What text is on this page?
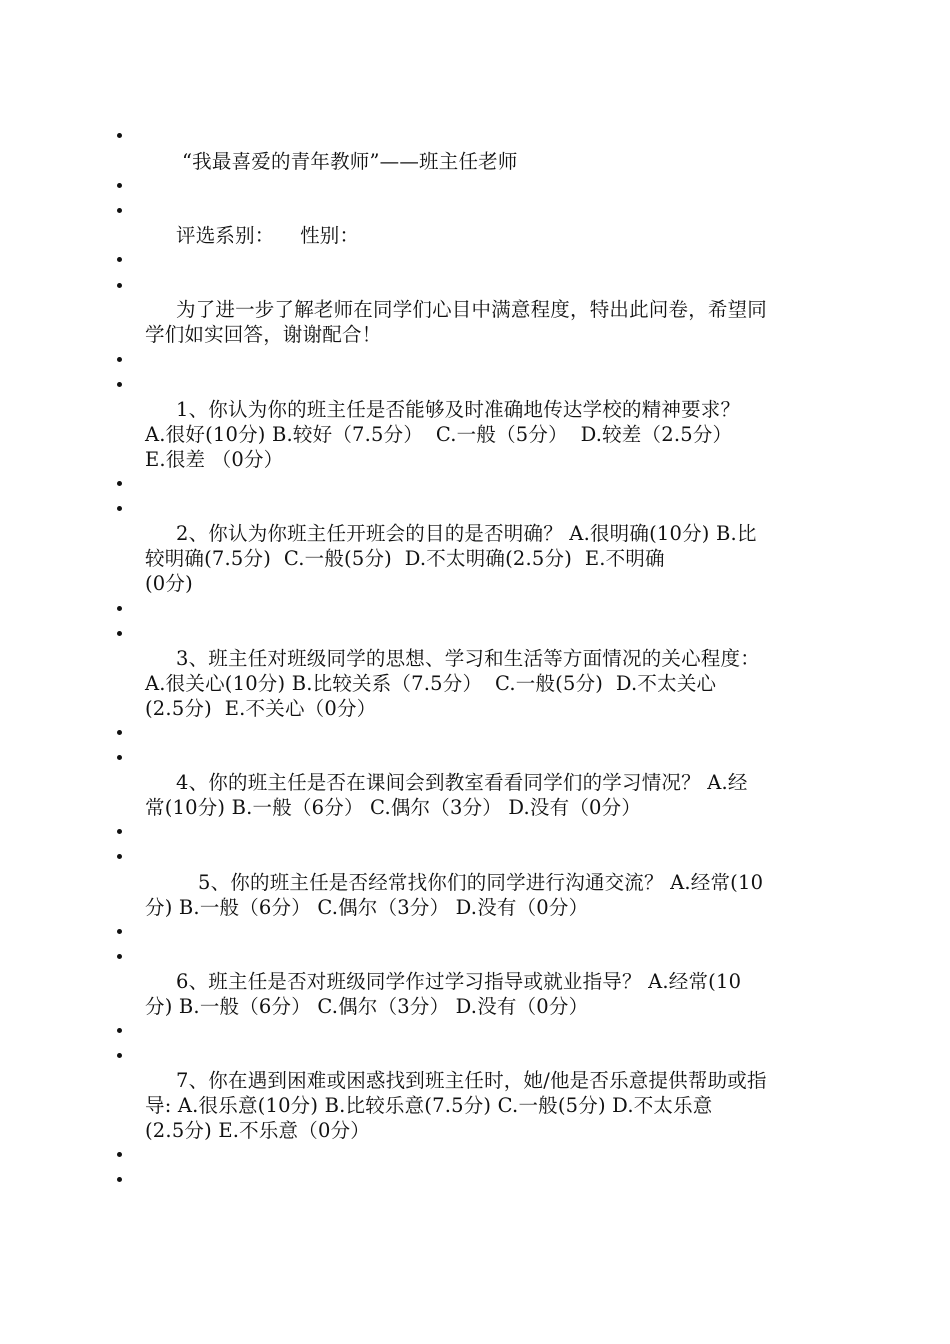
“我最喜爱的青年教师”——班主任老师
评选系别：    性别：
为了进一步了解老师在同学们心目中满意程度，特出此问卷，希望同
学们如实回答，谢谢配合！
1、你认为你的班主任是否能够及时准确地传达学校的精神要求？
A.很好(10分) B.较好（7.5分）  C.一般（5分）  D.较差（2.5分）
E.很差 （0分）
2、你认为你班主任开班会的目的是否明确？ A.很明确(10分) B.比
较明确(7.5分)  C.一般(5分)  D.不太明确(2.5分)  E.不明确
(0分)
3、班主任对班级同学的思想、学习和生活等方面情况的关心程度：
A.很关心(10分) B.比较关系（7.5分）  C.一般(5分)  D.不太关心
(2.5分)  E.不关心（0分）
4、你的班主任是否在课间会到教室看看同学们的学习情况？ A.经
常(10分) B.一般（6分） C.偶尔（3分） D.没有（0分）
5、你的班主任是否经常找你们的同学进行沟通交流？ A.经常(10
分) B.一般（6分） C.偶尔（3分） D.没有（0分）
6、班主任是否对班级同学作过学习指导或就业指导？ A.经常(10
分) B.一般（6分） C.偶尔（3分） D.没有（0分）
7、你在遇到困难或困惑找到班主任时，她/他是否乐意提供帮助或指
导: A.很乐意(10分) B.比较乐意(7.5分) C.一般(5分) D.不太乐意
(2.5分) E.不乐意（0分）
